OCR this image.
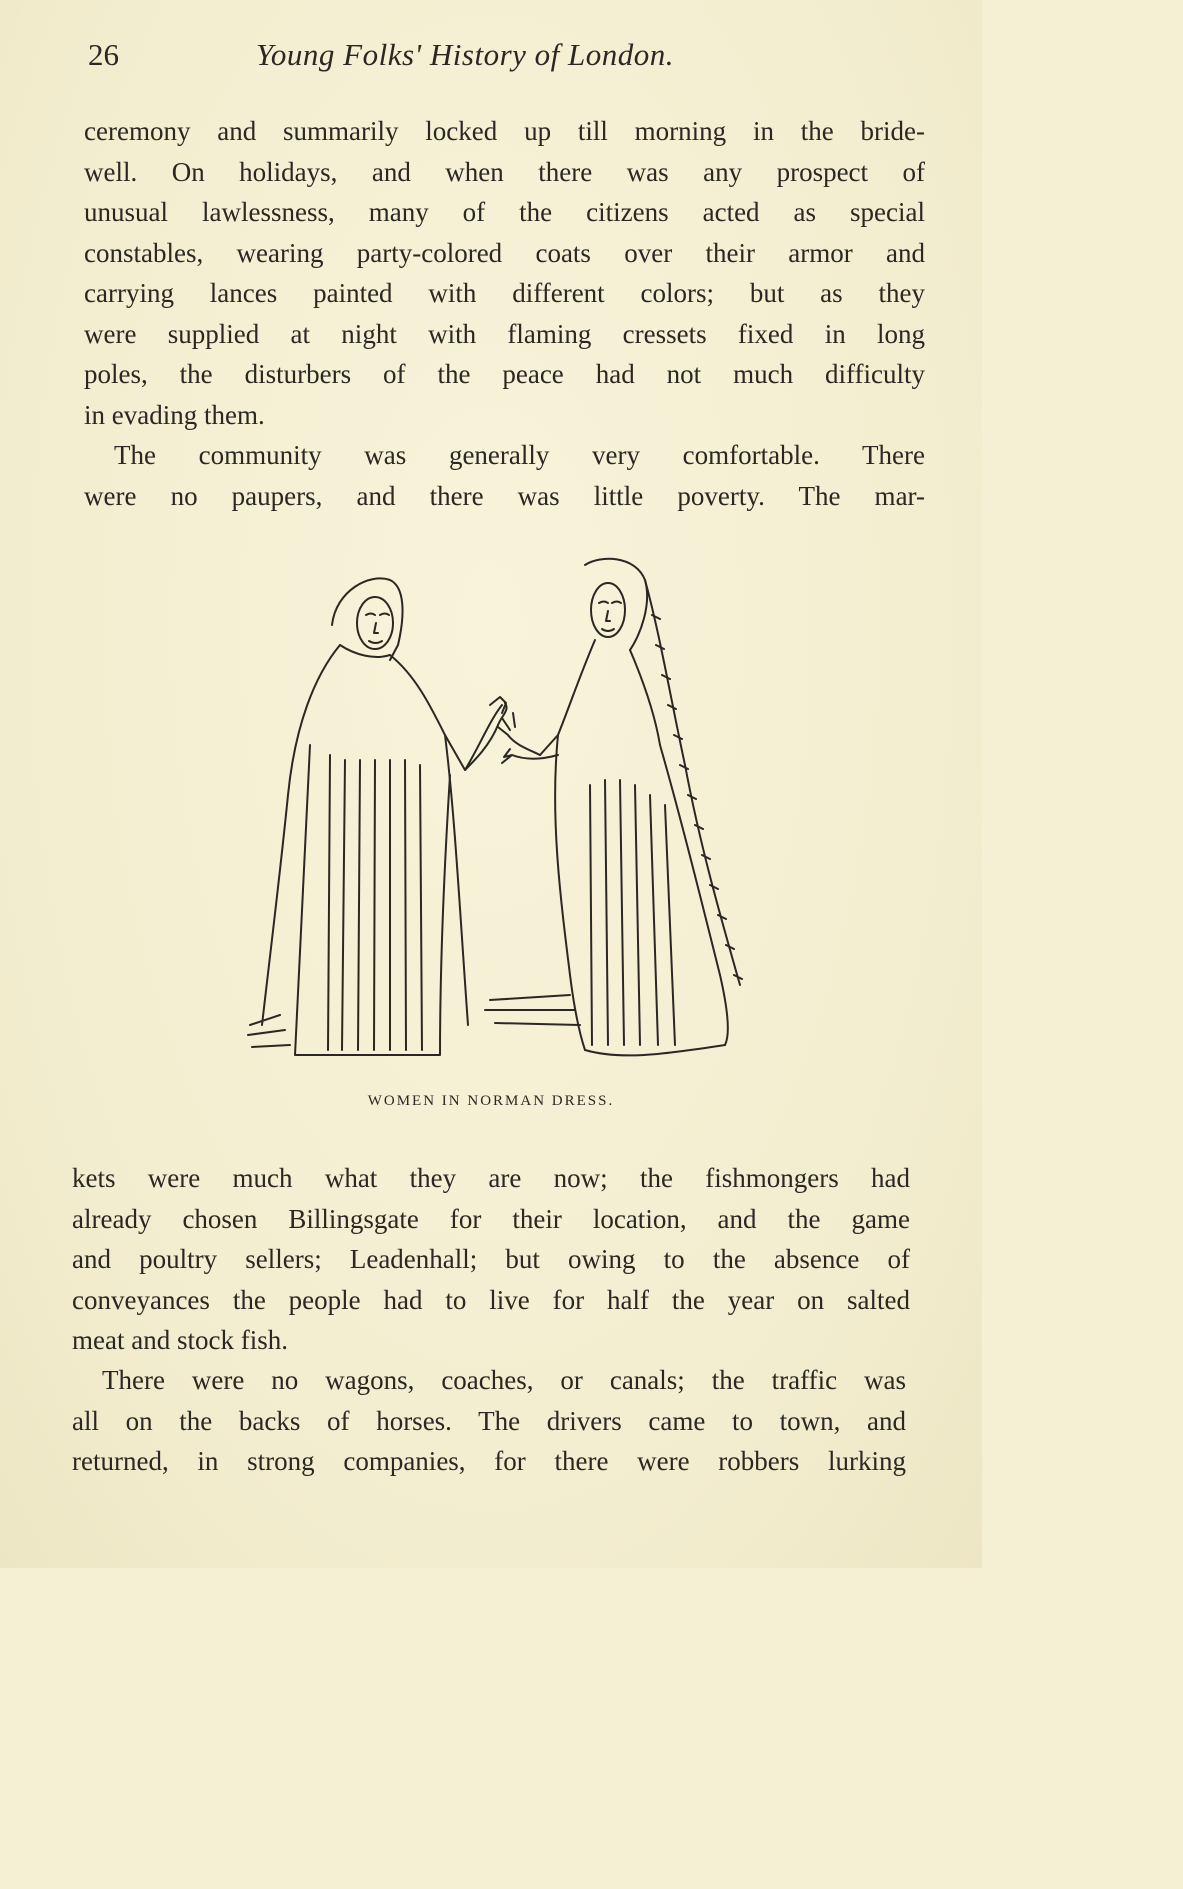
26	Young Folks' History of London.
ceremony and summarily locked up till morning in the bride-
well. On holidays, and when there was any prospect of
unusual lawlessness, many of the citizens acted as special
constables, wearing party-colored coats over their armor and
carrying lances painted with different colors; but as they
were supplied at night with flaming cressets fixed in long
poles, the disturbers of the peace had not much difficulty
in evading them.
The community was generally very comfortable. There
were no paupers, and there was little poverty. The mar-
WOMEN IN NORMAN DRESS.
kets were much what they are now; the fishmongers had
already chosen Billingsgate for their location, and the game
and poultry sellers; Leadenhall; but owing to the absence of
conveyances the people had to live for half the year on salted
meat and stock fish.
There were no wagons, coaches, or canals; the traffic was
all on the backs of horses. The drivers came to town, and
returned, in strong companies, for there were robbers lurking
